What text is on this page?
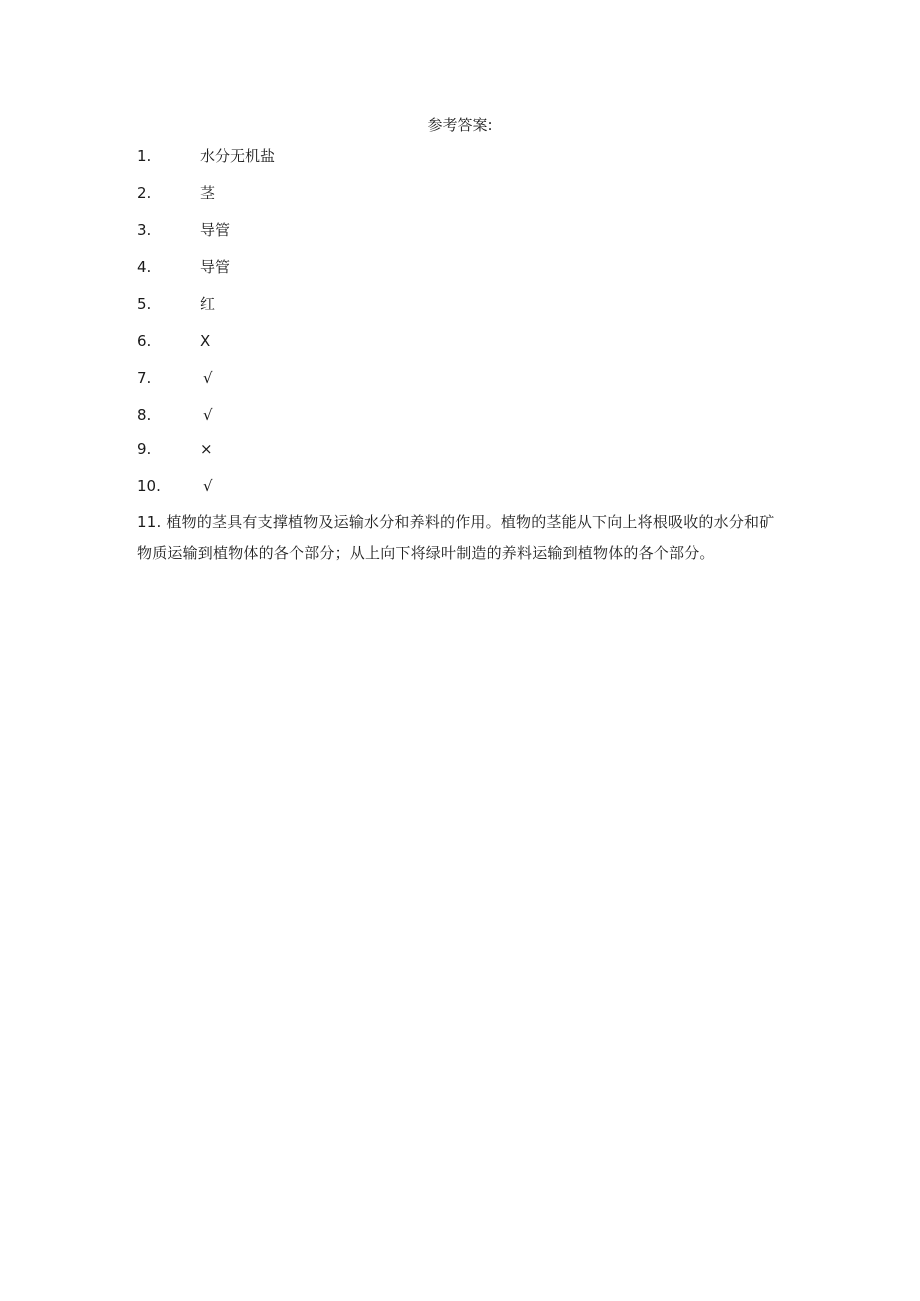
参考答案:
1.	水分无机盐
2.	茎
3.	导管
4.	导管
5.	红
6.	X
7.	√
8.	√
9.	×
10.	√
11. 植物的茎具有支撑植物及运输水分和养料的作用。植物的茎能从下向上将根吸收的水分和矿物质运输到植物体的各个部分；从上向下将绿叶制造的养料运输到植物体的各个部分。
